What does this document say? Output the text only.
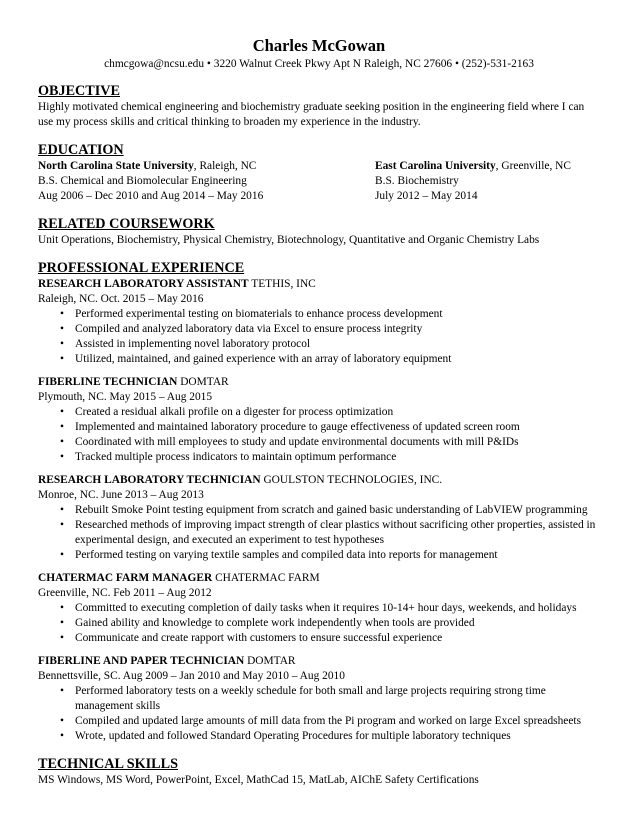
Charles McGowan
chmcgowa@ncsu.edu • 3220 Walnut Creek Pkwy Apt N Raleigh, NC 27606 • (252)-531-2163
OBJECTIVE

Highly motivated chemical engineering and biochemistry graduate seeking position in the engineering field where I can use my process skills and critical thinking to broaden my experience in the industry.

EDUCATION
North Carolina State University, Raleigh, NC
B.S. Chemical and Biomolecular Engineering
Aug 2006 – Dec 2010 and Aug 2014 – May 2016
East Carolina University, Greenville, NC
B.S. Biochemistry
July 2012 – May 2014
RELATED COURSEWORK

Unit Operations, Biochemistry, Physical Chemistry, Biotechnology, Quantitative and Organic Chemistry Labs

PROFESSIONAL EXPERIENCE
RESEARCH LABORATORY ASSISTANT TETHIS, INC
Raleigh, NC. Oct. 2015 – May 2016
• Performed experimental testing on biomaterials to enhance process development
• Compiled and analyzed laboratory data via Excel to ensure process integrity
• Assisted in implementing novel laboratory protocol
• Utilized, maintained, and gained experience with an array of laboratory equipment
FIBERLINE TECHNICIAN DOMTAR
Plymouth, NC. May 2015 – Aug 2015
• Created a residual alkali profile on a digester for process optimization
• Implemented and maintained laboratory procedure to gauge effectiveness of updated screen room
• Coordinated with mill employees to study and update environmental documents with mill P&IDs
• Tracked multiple process indicators to maintain optimum performance
RESEARCH LABORATORY TECHNICIAN GOULSTON TECHNOLOGIES, INC.
Monroe, NC. June 2013 – Aug 2013
• Rebuilt Smoke Point testing equipment from scratch and gained basic understanding of LabVIEW programming
• Researched methods of improving impact strength of clear plastics without sacrificing other properties, assisted in experimental design, and executed an experiment to test hypotheses
• Performed testing on varying textile samples and compiled data into reports for management
CHATERMAC FARM MANAGER CHATERMAC FARM
Greenville, NC. Feb 2011 – Aug 2012
• Committed to executing completion of daily tasks when it requires 10-14+ hour days, weekends, and holidays
• Gained ability and knowledge to complete work independently when tools are provided
• Communicate and create rapport with customers to ensure successful experience
FIBERLINE AND PAPER TECHNICIAN DOMTAR
Bennettsville, SC. Aug 2009 – Jan 2010 and May 2010 – Aug 2010
• Performed laboratory tests on a weekly schedule for both small and large projects requiring strong time management skills
• Compiled and updated large amounts of mill data from the Pi program and worked on large Excel spreadsheets
• Wrote, updated and followed Standard Operating Procedures for multiple laboratory techniques
TECHNICAL SKILLS

MS Windows, MS Word, PowerPoint, Excel, MathCad 15, MatLab, AIChE Safety Certifications
